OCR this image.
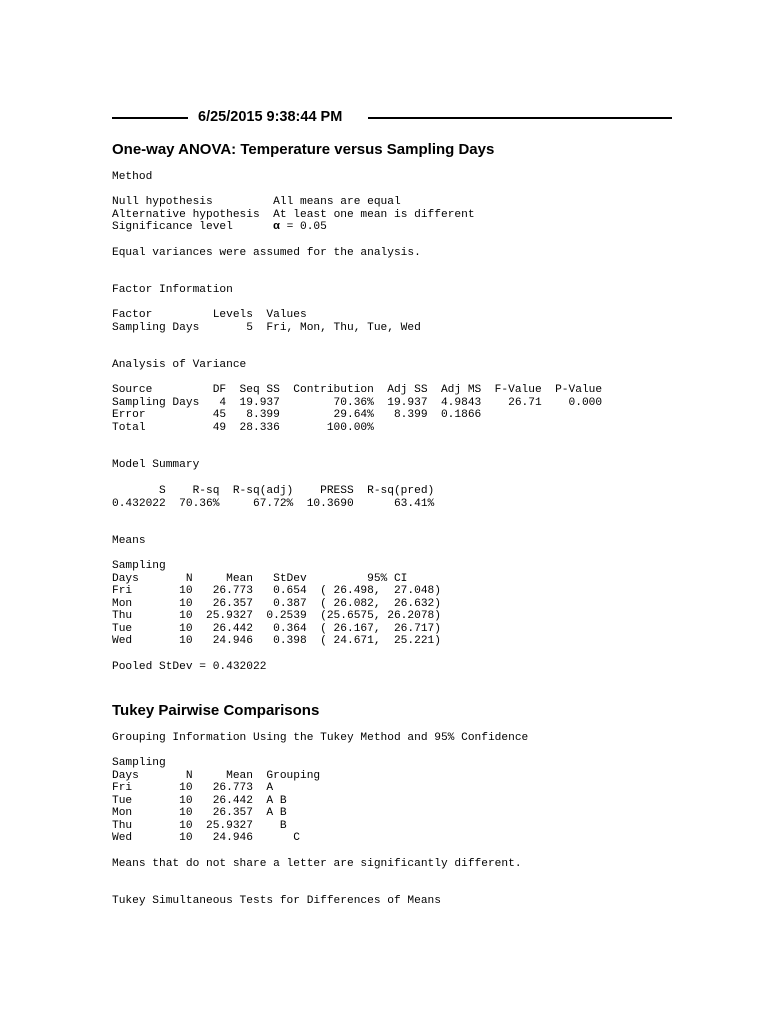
6/25/2015 9:38:44 PM
One-way ANOVA: Temperature versus Sampling Days
Method
Null hypothesis         All means are equal
Alternative hypothesis  At least one mean is different
Significance level      α = 0.05
Equal variances were assumed for the analysis.
Factor Information
Factor         Levels  Values
Sampling Days       5  Fri, Mon, Thu, Tue, Wed
Analysis of Variance
Source         DF  Seq SS  Contribution  Adj SS  Adj MS  F-Value  P-Value
Sampling Days   4  19.937        70.36%  19.937  4.9843    26.71    0.000
Error          45   8.399        29.64%   8.399  0.1866
Total          49  28.336       100.00%
Model Summary
S    R-sq  R-sq(adj)    PRESS  R-sq(pred)
0.432022  70.36%     67.72%  10.3690      63.41%
Means
Sampling
Days       N     Mean   StDev         95% CI
Fri       10   26.773   0.654  ( 26.498,  27.048)
Mon       10   26.357   0.387  ( 26.082,  26.632)
Thu       10  25.9327  0.2539  (25.6575, 26.2078)
Tue       10   26.442   0.364  ( 26.167,  26.717)
Wed       10   24.946   0.398  ( 24.671,  25.221)
Pooled StDev = 0.432022
Tukey Pairwise Comparisons
Grouping Information Using the Tukey Method and 95% Confidence
Sampling
Days       N     Mean  Grouping
Fri       10   26.773  A
Tue       10   26.442  A B
Mon       10   26.357  A B
Thu       10  25.9327    B
Wed       10   24.946      C
Means that do not share a letter are significantly different.
Tukey Simultaneous Tests for Differences of Means
